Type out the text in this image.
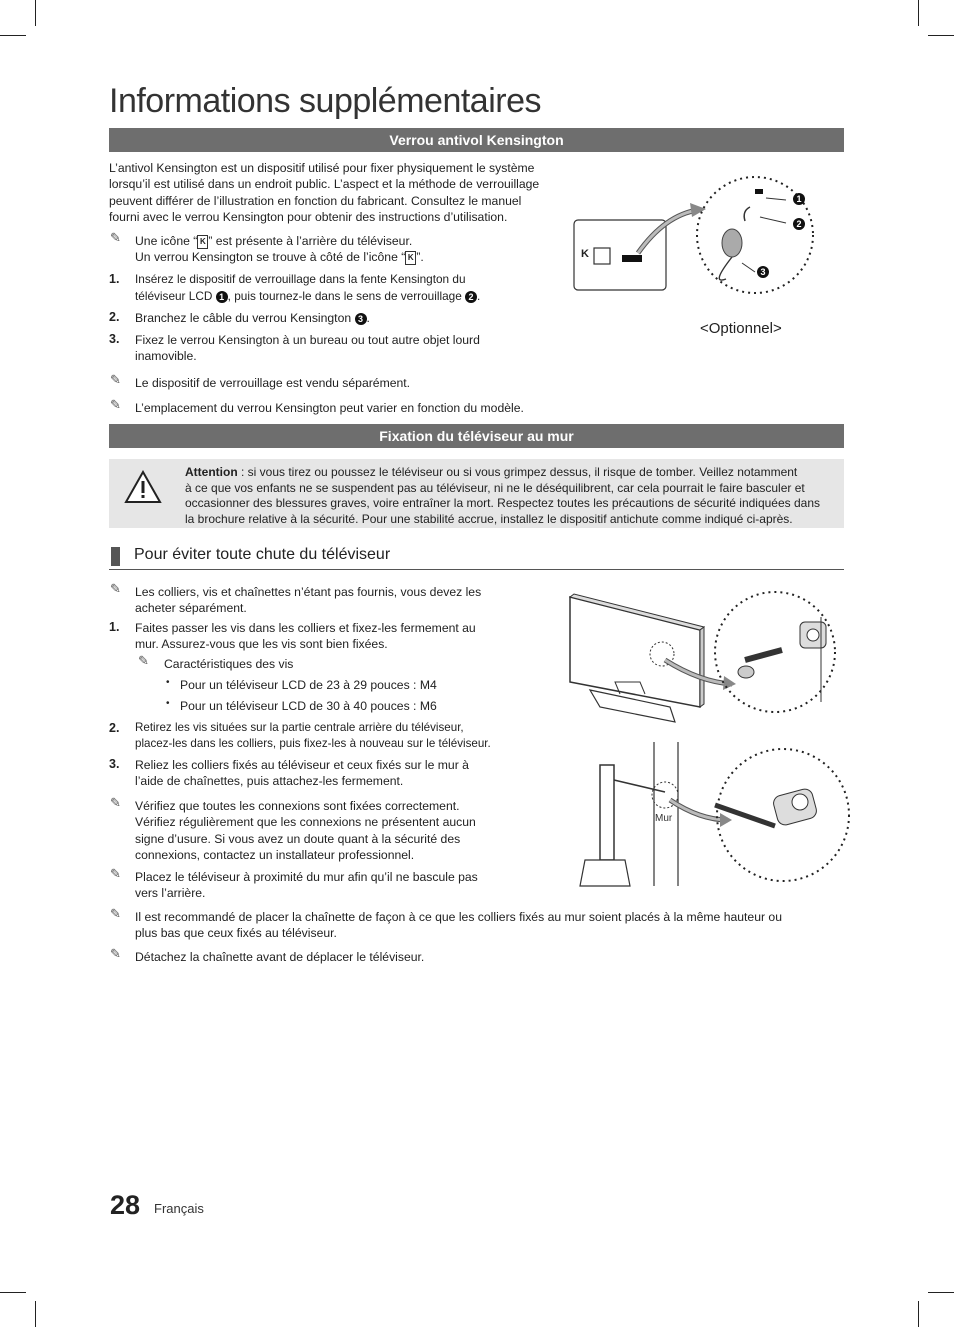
Informations supplémentaires
Verrou antivol Kensington
L’antivol Kensington est un dispositif utilisé pour fixer physiquement le système
lorsqu’il est utilisé dans un endroit public. L’aspect et la méthode de verrouillage
peuvent différer de l’illustration en fonction du fabricant. Consultez le manuel
fourni avec le verrou Kensington pour obtenir des instructions d’utilisation.
✎ Une icône “ K ” est présente à l’arrière du téléviseur.
Un verrou Kensington se trouve à côté de l’icône “ K ”.
1. Insérez le dispositif de verrouillage dans la fente Kensington du
téléviseur LCD 1 , puis tournez-le dans le sens de verrouillage 2 .
2. Branchez le câble du verrou Kensington 3 .
3. Fixez le verrou Kensington à un bureau ou tout autre objet lourd
inamovible.
✎ Le dispositif de verrouillage est vendu séparément.
✎ L’emplacement du verrou Kensington peut varier en fonction du modèle.
K
1
2
3
<Optionnel>
Fixation du téléviseur au mur
Attention : si vous tirez ou poussez le téléviseur ou si vous grimpez dessus, il risque de tomber. Veillez notamment
à ce que vos enfants ne se suspendent pas au téléviseur, ni ne le déséquilibrent, car cela pourrait le faire basculer et
occasionner des blessures graves, voire entraîner la mort. Respectez toutes les précautions de sécurité indiquées dans
la brochure relative à la sécurité. Pour une stabilité accrue, installez le dispositif antichute comme indiqué ci-après.
Pour éviter toute chute du téléviseur
✎ Les colliers, vis et chaînettes n’étant pas fournis, vous devez les
acheter séparément.
1. Faites passer les vis dans les colliers et fixez-les fermement au
mur. Assurez-vous que les vis sont bien fixées.
✎ Caractéristiques des vis
• Pour un téléviseur LCD de 23 à 29 pouces : M4
• Pour un téléviseur LCD de 30 à 40 pouces : M6
2. Retirez les vis situées sur la partie centrale arrière du téléviseur,
placez-les dans les colliers, puis fixez-les à nouveau sur le téléviseur.
3. Reliez les colliers fixés au téléviseur et ceux fixés sur le mur à
l’aide de chaînettes, puis attachez-les fermement.
✎ Vérifiez que toutes les connexions sont fixées correctement.
Vérifiez régulièrement que les connexions ne présentent aucun
signe d’usure. Si vous avez un doute quant à la sécurité des
connexions, contactez un installateur professionnel.
✎ Placez le téléviseur à proximité du mur afin qu’il ne bascule pas
vers l’arrière.
✎ Il est recommandé de placer la chaînette de façon à ce que les colliers fixés au mur soient placés à la même hauteur ou
plus bas que ceux fixés au téléviseur.
✎ Détachez la chaînette avant de déplacer le téléviseur.
Mur
28 Français
